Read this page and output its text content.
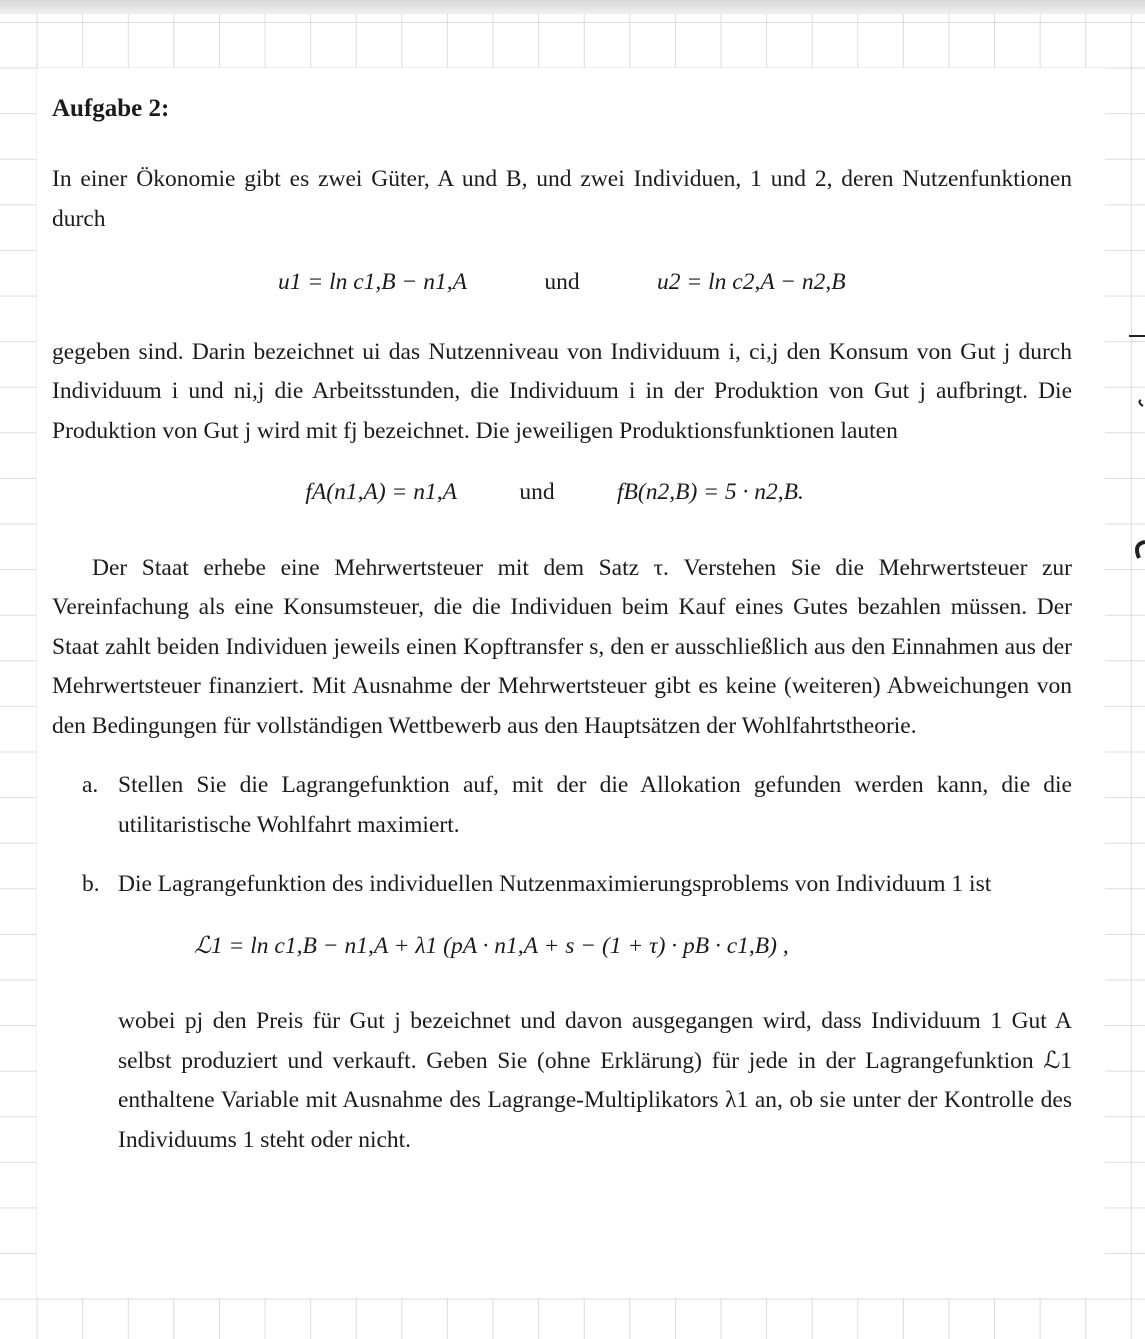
Aufgabe 2:

In einer Ökonomie gibt es zwei Güter, A und B, und zwei Individuen, 1 und 2, deren Nutzenfunktionen durch

u1 = ln c1,B − n1,A	und	u2 = ln c2,A − n2,B

gegeben sind. Darin bezeichnet ui das Nutzenniveau von Individuum i, ci,j den Konsum von Gut j durch Individuum i und ni,j die Arbeitsstunden, die Individuum i in der Produktion von Gut j aufbringt. Die Produktion von Gut j wird mit fj bezeichnet. Die jeweiligen Produktionsfunktionen lauten

fA(n1,A) = n1,A	und	fB(n2,B) = 5 · n2,B.

Der Staat erhebe eine Mehrwertsteuer mit dem Satz τ. Verstehen Sie die Mehrwertsteuer zur Vereinfachung als eine Konsumsteuer, die die Individuen beim Kauf eines Gutes bezahlen müssen. Der Staat zahlt beiden Individuen jeweils einen Kopftransfer s, den er ausschließlich aus den Einnahmen aus der Mehrwertsteuer finanziert. Mit Ausnahme der Mehrwertsteuer gibt es keine (weiteren) Abweichungen von den Bedingungen für vollständigen Wettbewerb aus den Hauptsätzen der Wohlfahrtstheorie.

a. Stellen Sie die Lagrangefunktion auf, mit der die Allokation gefunden werden kann, die die utilitaristische Wohlfahrt maximiert.

b. Die Lagrangefunktion des individuellen Nutzenmaximierungsproblems von Individuum 1 ist

ℒ1 = ln c1,B − n1,A + λ1 (pA · n1,A + s − (1 + τ) · pB · c1,B) ,

wobei pj den Preis für Gut j bezeichnet und davon ausgegangen wird, dass Individuum 1 Gut A selbst produziert und verkauft. Geben Sie (ohne Erklärung) für jede in der Lagrangefunktion ℒ1 enthaltene Variable mit Ausnahme des Lagrange-Multiplikators λ1 an, ob sie unter der Kontrolle des Individuums 1 steht oder nicht.
